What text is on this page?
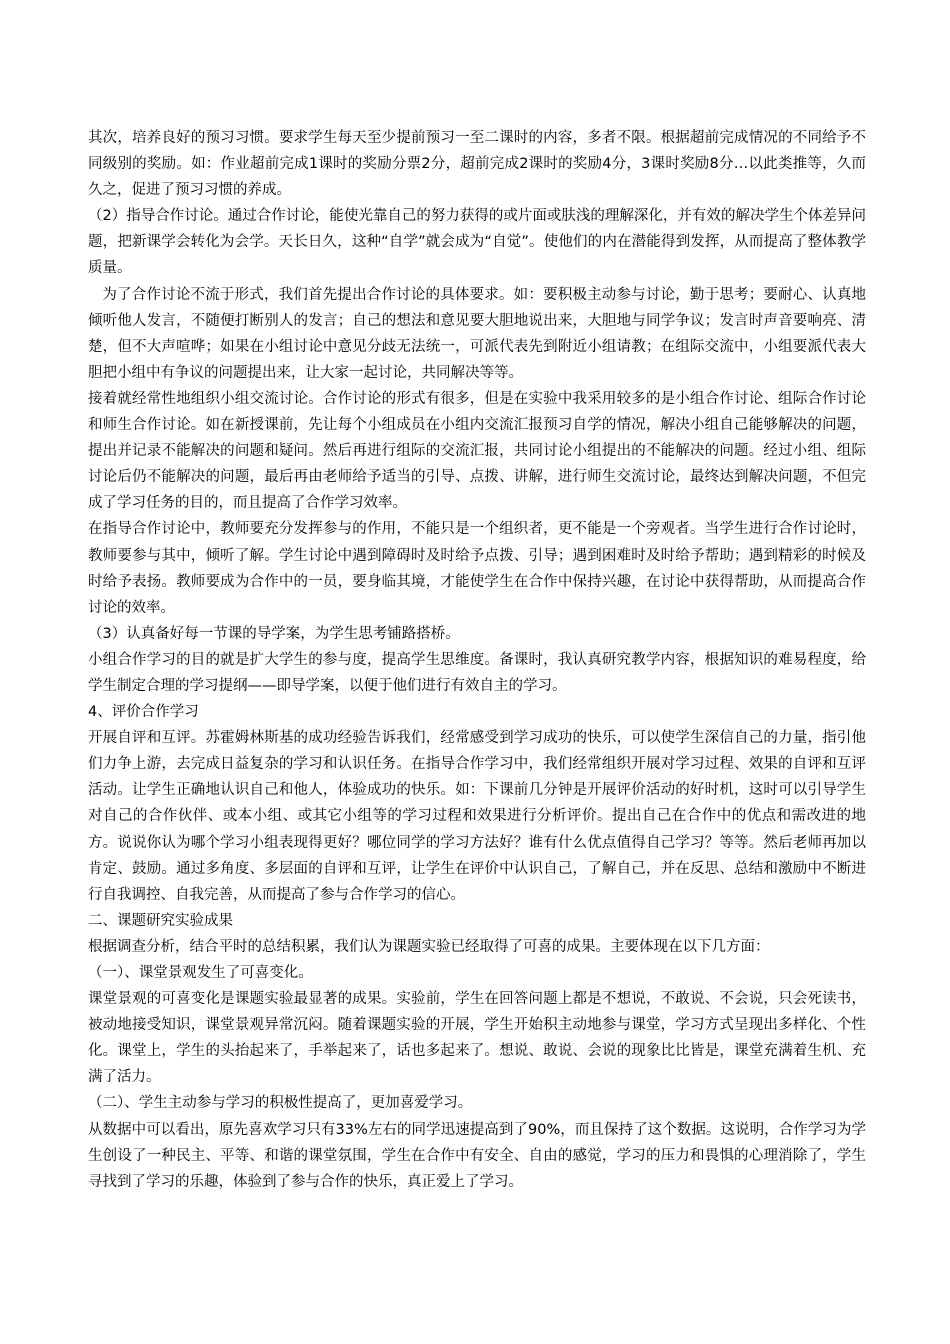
其次，培养良好的预习习惯。要求学生每天至少提前预习一至二课时的内容，多者不限。根据超前完成情况的不同给予不同级别的奖励。如：作业超前完成1课时的奖励分票2分，超前完成2课时的奖励4分，3课时奖励8分…以此类推等，久而久之，促进了预习习惯的养成。

（2）指导合作讨论。通过合作讨论，能使光靠自己的努力获得的或片面或肤浅的理解深化，并有效的解决学生个体差异问题，把新课学会转化为会学。天长日久，这种“自学”就会成为“自觉”。使他们的内在潜能得到发挥，从而提高了整体教学质量。

为了合作讨论不流于形式，我们首先提出合作讨论的具体要求。如：要积极主动参与讨论，勤于思考；要耐心、认真地倾听他人发言，不随便打断别人的发言；自己的想法和意见要大胆地说出来，大胆地与同学争议；发言时声音要响亮、清楚，但不大声喧哗；如果在小组讨论中意见分歧无法统一，可派代表先到附近小组请教；在组际交流中，小组要派代表大胆把小组中有争议的问题提出来，让大家一起讨论，共同解决等等。

接着就经常性地组织小组交流讨论。合作讨论的形式有很多，但是在实验中我采用较多的是小组合作讨论、组际合作讨论和师生合作讨论。如在新授课前，先让每个小组成员在小组内交流汇报预习自学的情况，解决小组自己能够解决的问题，提出并记录不能解决的问题和疑问。然后再进行组际的交流汇报，共同讨论小组提出的不能解决的问题。经过小组、组际讨论后仍不能解决的问题，最后再由老师给予适当的引导、点拨、讲解，进行师生交流讨论，最终达到解决问题，不但完成了学习任务的目的，而且提高了合作学习效率。

在指导合作讨论中，教师要充分发挥参与的作用，不能只是一个组织者，更不能是一个旁观者。当学生进行合作讨论时，教师要参与其中，倾听了解。学生讨论中遇到障碍时及时给予点拨、引导；遇到困难时及时给予帮助；遇到精彩的时候及时给予表扬。教师要成为合作中的一员，要身临其境，才能使学生在合作中保持兴趣，在讨论中获得帮助，从而提高合作讨论的效率。

（3）认真备好每一节课的导学案，为学生思考铺路搭桥。

小组合作学习的目的就是扩大学生的参与度，提高学生思维度。备课时，我认真研究教学内容，根据知识的难易程度，给学生制定合理的学习提纲——即导学案，以便于他们进行有效自主的学习。

4、评价合作学习

开展自评和互评。苏霍姆林斯基的成功经验告诉我们，经常感受到学习成功的快乐，可以使学生深信自己的力量，指引他们力争上游，去完成日益复杂的学习和认识任务。在指导合作学习中，我们经常组织开展对学习过程、效果的自评和互评活动。让学生正确地认识自己和他人，体验成功的快乐。如：下课前几分钟是开展评价活动的好时机，这时可以引导学生对自己的合作伙伴、或本小组、或其它小组等的学习过程和效果进行分析评价。提出自己在合作中的优点和需改进的地方。说说你认为哪个学习小组表现得更好？哪位同学的学习方法好？谁有什么优点值得自己学习？等等。然后老师再加以肯定、鼓励。通过多角度、多层面的自评和互评，让学生在评价中认识自己，了解自己，并在反思、总结和激励中不断进行自我调控、自我完善，从而提高了参与合作学习的信心。

二、课题研究实验成果

根据调查分析，结合平时的总结积累，我们认为课题实验已经取得了可喜的成果。主要体现在以下几方面：

（一）、课堂景观发生了可喜变化。

课堂景观的可喜变化是课题实验最显著的成果。实验前，学生在回答问题上都是不想说，不敢说、不会说，只会死读书，被动地接受知识，课堂景观异常沉闷。随着课题实验的开展，学生开始积主动地参与课堂，学习方式呈现出多样化、个性化。课堂上，学生的头抬起来了，手举起来了，话也多起来了。想说、敢说、会说的现象比比皆是，课堂充满着生机、充满了活力。

（二）、学生主动参与学习的积极性提高了，更加喜爱学习。

从数据中可以看出，原先喜欢学习只有33%左右的同学迅速提高到了90%，而且保持了这个数据。这说明，合作学习为学生创设了一种民主、平等、和谐的课堂氛围，学生在合作中有安全、自由的感觉，学习的压力和畏惧的心理消除了，学生寻找到了学习的乐趣，体验到了参与合作的快乐，真正爱上了学习。
